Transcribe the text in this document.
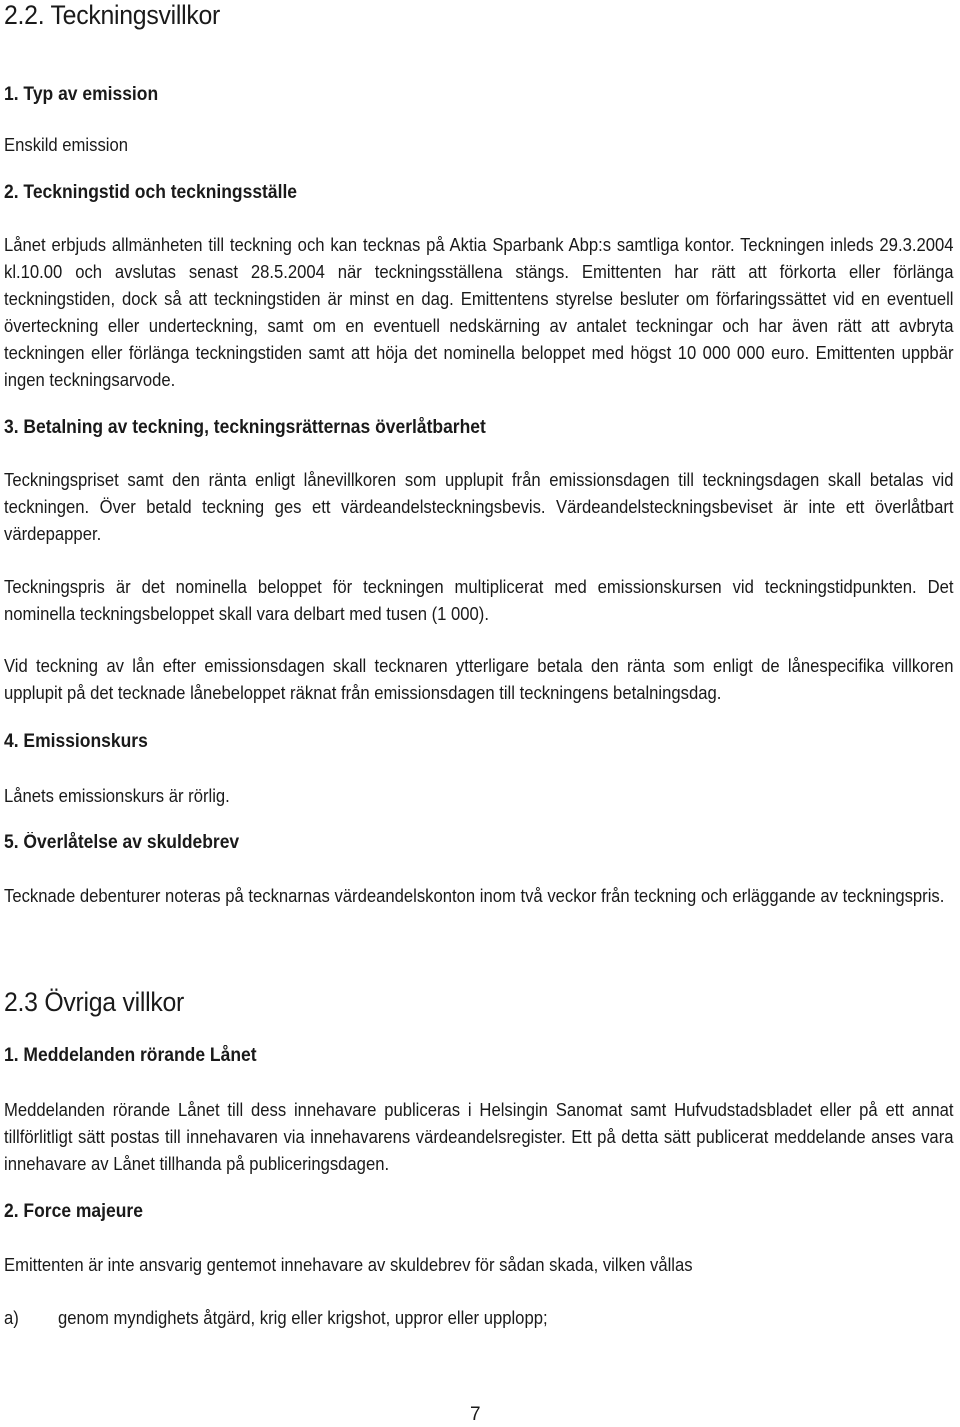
2.2. Teckningsvillkor
1. Typ av emission

Enskild emission

2. Teckningstid och teckningsställe

Lånet erbjuds allmänheten till teckning och kan tecknas på Aktia Sparbank Abp:s samtliga kontor. Teckningen inleds 29.3.2004 kl.10.00 och avslutas senast 28.5.2004 när teckningsställena stängs. Emittenten har rätt att förkorta eller förlänga teckningstiden, dock så att teckningstiden är minst en dag. Emittentens styrelse besluter om förfaringssättet vid en eventuell överteckning eller underteckning, samt om en eventuell nedskärning av antalet teckningar och har även rätt att avbryta teckningen eller förlänga teckningstiden samt att höja det nominella beloppet med högst 10 000 000 euro. Emittenten uppbär ingen teckningsarvode.

3. Betalning av teckning, teckningsrätternas överlåtbarhet

Teckningspriset samt den ränta enligt lånevillkoren som upplupit från emissionsdagen till teckningsdagen skall betalas vid teckningen. Över betald teckning ges ett värdeandelsteckningsbevis. Värdeandelsteckningsbeviset är inte ett överlåtbart värdepapper.

Teckningspris är det nominella beloppet för teckningen multiplicerat med emissionskursen vid teckningstidpunkten. Det nominella teckningsbeloppet skall vara delbart med tusen (1 000).

Vid teckning av lån efter emissionsdagen skall tecknaren ytterligare betala den ränta som enligt de lånespecifika villkoren upplupit på det tecknade lånebeloppet räknat från emissionsdagen till teckningens betalningsdag.

4. Emissionskurs

Lånets emissionskurs är rörlig.

5. Överlåtelse av skuldebrev

Tecknade debenturer noteras på tecknarnas värdeandelskonton inom två veckor från teckning och erläggande av teckningspris.

2.3 Övriga villkor
1. Meddelanden rörande Lånet

Meddelanden rörande Lånet till dess innehavare publiceras i Helsingin Sanomat samt Hufvudstadsbladet eller på ett annat tillförlitligt sätt postas till innehavaren via innehavarens värdeandelsregister. Ett på detta sätt publicerat meddelande anses vara innehavare av Lånet tillhanda på publiceringsdagen.

2. Force majeure

Emittenten är inte ansvarig gentemot innehavare av skuldebrev för sådan skada, vilken vållas

a) genom myndighets åtgärd, krig eller krigshot, uppror eller upplopp;
7
